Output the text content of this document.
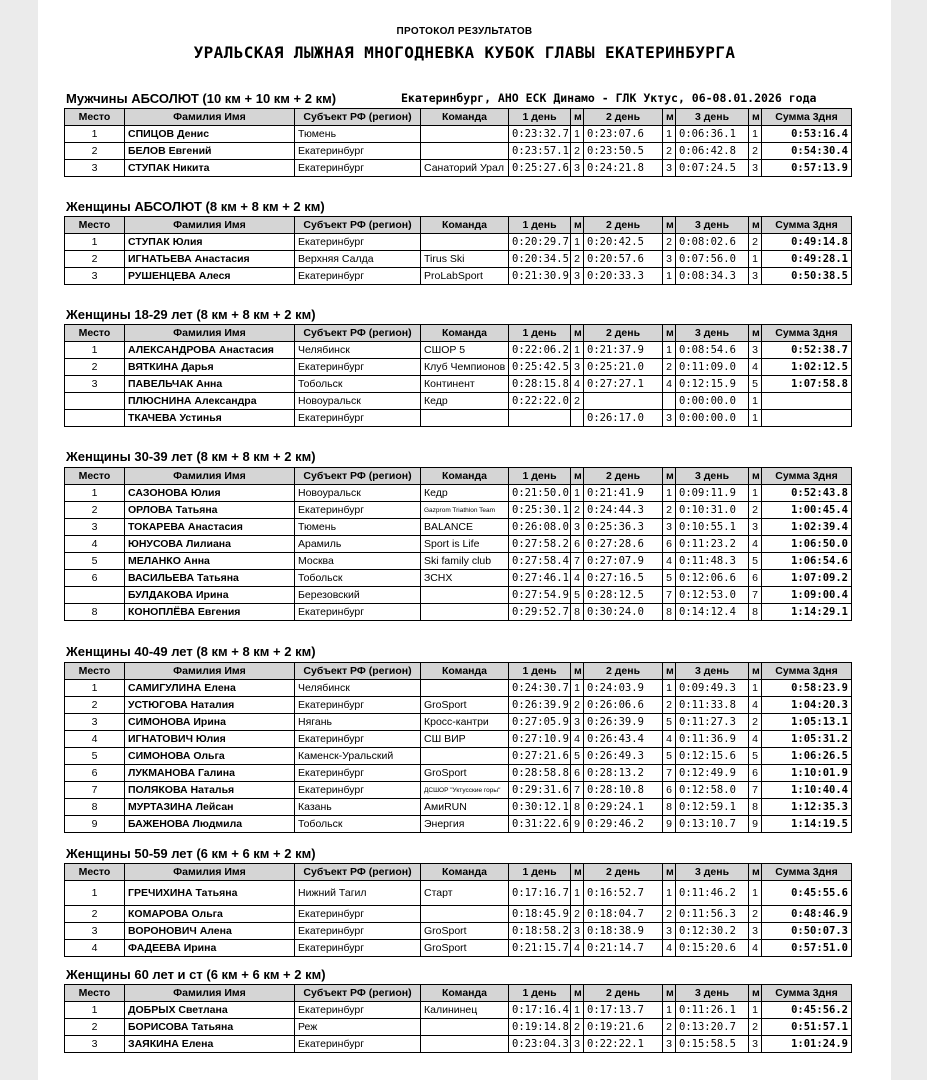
ПРОТОКОЛ РЕЗУЛЬТАТОВ
УРАЛЬСКАЯ ЛЫЖНАЯ МНОГОДНЕВКА КУБОК ГЛАВЫ ЕКАТЕРИНБУРГА
Екатеринбург, АНО ЕСК Динамо - ГЛК Уктус, 06-08.01.2026 года
Мужчины АБСОЛЮТ (10 км + 10 км + 2 км)
Место	Фамилия Имя	Субъект РФ (регион)	Команда	1 день	м	2 день	м	3 день	м	Сумма 3дня
1	СПИЦОВ Денис	Тюмень		0:23:32.7	1	0:23:07.6	1	0:06:36.1	1	0:53:16.4
2	БЕЛОВ Евгений	Екатеринбург		0:23:57.1	2	0:23:50.5	2	0:06:42.8	2	0:54:30.4
3	СТУПАК Никита	Екатеринбург	Санаторий Урал	0:25:27.6	3	0:24:21.8	3	0:07:24.5	3	0:57:13.9
Женщины АБСОЛЮТ (8 км + 8 км + 2 км)
Место	Фамилия Имя	Субъект РФ (регион)	Команда	1 день	м	2 день	м	3 день	м	Сумма 3дня
1	СТУПАК Юлия	Екатеринбург		0:20:29.7	1	0:20:42.5	2	0:08:02.6	2	0:49:14.8
2	ИГНАТЬЕВА Анастасия	Верхняя Салда	Tirus Ski	0:20:34.5	2	0:20:57.6	3	0:07:56.0	1	0:49:28.1
3	РУШЕНЦЕВА Алеся	Екатеринбург	ProLabSport	0:21:30.9	3	0:20:33.3	1	0:08:34.3	3	0:50:38.5
Женщины 18-29 лет (8 км + 8 км + 2 км)
Место	Фамилия Имя	Субъект РФ (регион)	Команда	1 день	м	2 день	м	3 день	м	Сумма 3дня
1	АЛЕКСАНДРОВА Анастасия	Челябинск	СШОР 5	0:22:06.2	1	0:21:37.9	1	0:08:54.6	3	0:52:38.7
2	ВЯТКИНА Дарья	Екатеринбург	Клуб Чемпионов	0:25:42.5	3	0:25:21.0	2	0:11:09.0	4	1:02:12.5
3	ПАВЕЛЬЧАК Анна	Тобольск	Континент	0:28:15.8	4	0:27:27.1	4	0:12:15.9	5	1:07:58.8
	ПЛЮСНИНА Александра	Новоуральск	Кедр	0:22:22.0	2			0:00:00.0	1	
	ТКАЧЕВА Устинья	Екатеринбург				0:26:17.0	3	0:00:00.0	1	
Женщины 30-39 лет (8 км + 8 км + 2 км)
Место	Фамилия Имя	Субъект РФ (регион)	Команда	1 день	м	2 день	м	3 день	м	Сумма 3дня
1	САЗОНОВА Юлия	Новоуральск	Кедр	0:21:50.0	1	0:21:41.9	1	0:09:11.9	1	0:52:43.8
2	ОРЛОВА Татьяна	Екатеринбург	Gazprom Triathlon Team	0:25:30.1	2	0:24:44.3	2	0:10:31.0	2	1:00:45.4
3	ТОКАРЕВА Анастасия	Тюмень	BALANCE	0:26:08.0	3	0:25:36.3	3	0:10:55.1	3	1:02:39.4
4	ЮНУСОВА Лилиана	Арамиль	Sport is Life	0:27:58.2	6	0:27:28.6	6	0:11:23.2	4	1:06:50.0
5	МЕЛАНКО Анна	Москва	Ski family club	0:27:58.4	7	0:27:07.9	4	0:11:48.3	5	1:06:54.6
6	ВАСИЛЬЕВА Татьяна	Тобольск	ЗСНХ	0:27:46.1	4	0:27:16.5	5	0:12:06.6	6	1:07:09.2
	БУЛДАКОВА Ирина	Березовский		0:27:54.9	5	0:28:12.5	7	0:12:53.0	7	1:09:00.4
8	КОНОПЛЁВА Евгения	Екатеринбург		0:29:52.7	8	0:30:24.0	8	0:14:12.4	8	1:14:29.1
Женщины 40-49 лет (8 км + 8 км + 2 км)
Место	Фамилия Имя	Субъект РФ (регион)	Команда	1 день	м	2 день	м	3 день	м	Сумма 3дня
1	САМИГУЛИНА Елена	Челябинск		0:24:30.7	1	0:24:03.9	1	0:09:49.3	1	0:58:23.9
2	УСТЮГОВА Наталия	Екатеринбург	GroSport	0:26:39.9	2	0:26:06.6	2	0:11:33.8	4	1:04:20.3
3	СИМОНОВА Ирина	Нягань	Кросс-кантри	0:27:05.9	3	0:26:39.9	5	0:11:27.3	2	1:05:13.1
4	ИГНАТОВИЧ Юлия	Екатеринбург	СШ ВИР	0:27:10.9	4	0:26:43.4	4	0:11:36.9	4	1:05:31.2
5	СИМОНОВА Ольга	Каменск-Уральский		0:27:21.6	5	0:26:49.3	5	0:12:15.6	5	1:06:26.5
6	ЛУКМАНОВА Галина	Екатеринбург	GroSport	0:28:58.8	6	0:28:13.2	7	0:12:49.9	6	1:10:01.9
7	ПОЛЯКОВА Наталья	Екатеринбург	ДСШОР "Уктусские горы"	0:29:31.6	7	0:28:10.8	6	0:12:58.0	7	1:10:40.4
8	МУРТАЗИНА Лейсан	Казань	AмиRUN	0:30:12.1	8	0:29:24.1	8	0:12:59.1	8	1:12:35.3
9	БАЖЕНОВА Людмила	Тобольск	Энергия	0:31:22.6	9	0:29:46.2	9	0:13:10.7	9	1:14:19.5
Женщины 50-59 лет (6 км + 6 км + 2 км)
Место	Фамилия Имя	Субъект РФ (регион)	Команда	1 день	м	2 день	м	3 день	м	Сумма 3дня
1	ГРЕЧИХИНА Татьяна	Нижний Тагил	Старт	0:17:16.7	1	0:16:52.7	1	0:11:46.2	1	0:45:55.6
2	КОМАРОВА Ольга	Екатеринбург		0:18:45.9	2	0:18:04.7	2	0:11:56.3	2	0:48:46.9
3	ВОРОНОВИЧ Алена	Екатеринбург	GroSport	0:18:58.2	3	0:18:38.9	3	0:12:30.2	3	0:50:07.3
4	ФАДЕЕВА Ирина	Екатеринбург	GroSport	0:21:15.7	4	0:21:14.7	4	0:15:20.6	4	0:57:51.0
Женщины 60 лет и ст (6 км + 6 км + 2 км)
Место	Фамилия Имя	Субъект РФ (регион)	Команда	1 день	м	2 день	м	3 день	м	Сумма 3дня
1	ДОБРЫХ Светлана	Екатеринбург	Калининец	0:17:16.4	1	0:17:13.7	1	0:11:26.1	1	0:45:56.2
2	БОРИСОВА Татьяна	Реж		0:19:14.8	2	0:19:21.6	2	0:13:20.7	2	0:51:57.1
3	ЗАЯКИНА Елена	Екатеринбург		0:23:04.3	3	0:22:22.1	3	0:15:58.5	3	1:01:24.9
